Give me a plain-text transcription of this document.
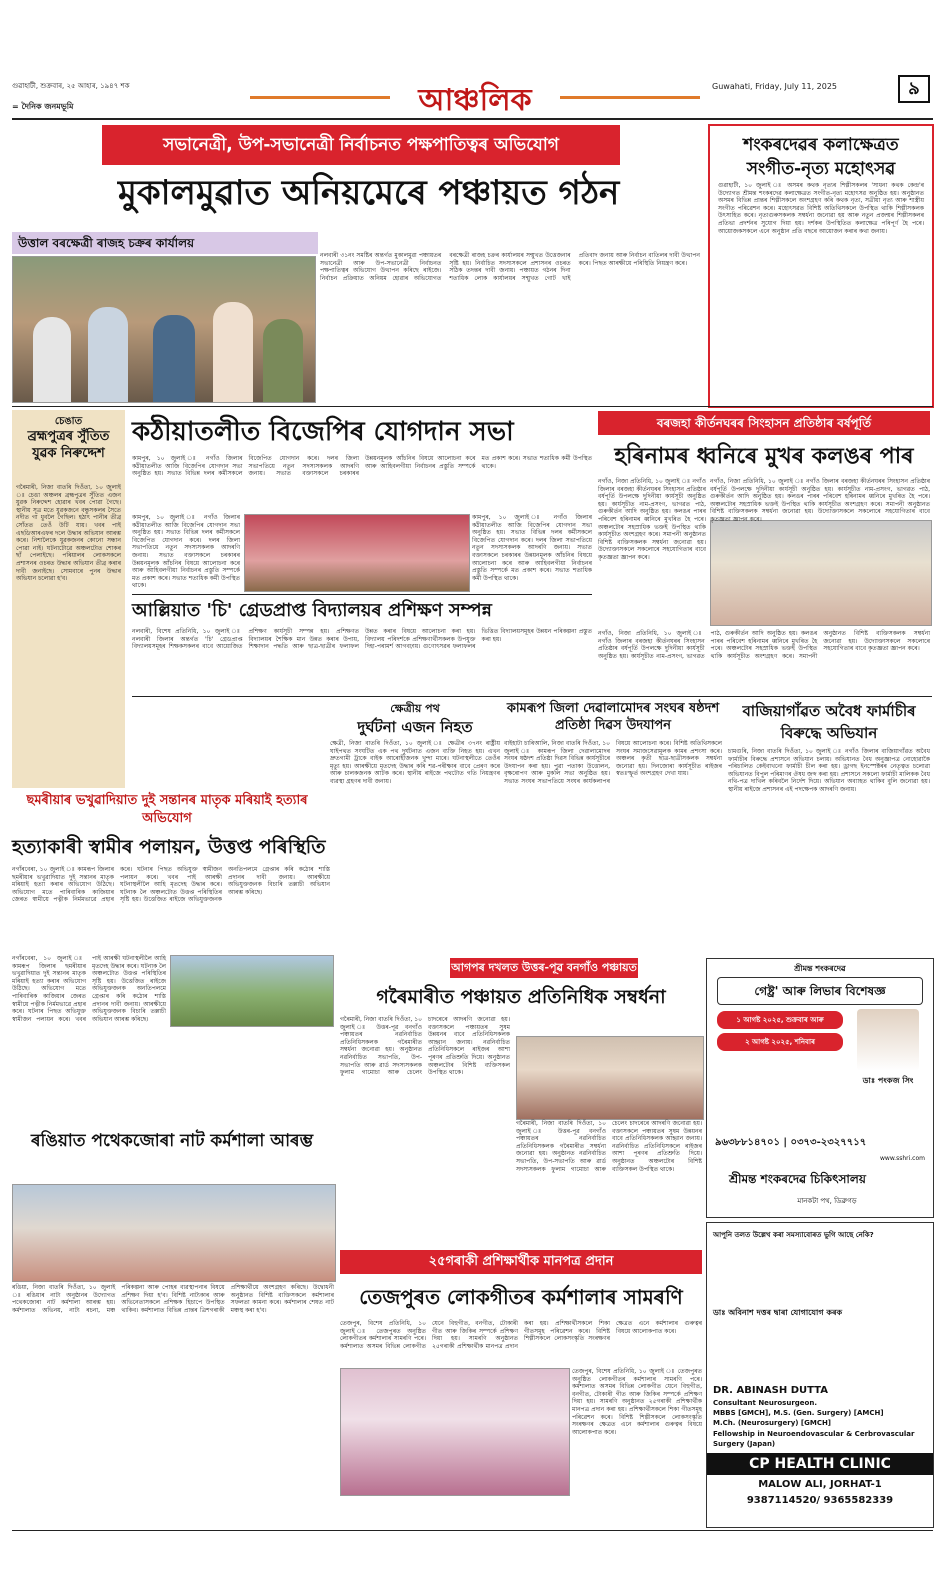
গুৱাহাটী, শুক্ৰবাৰ, ২৫ আহাৰ, ১৯৪৭ শক
= দৈনিক জনমভূমি	আঞ্চলিক	Guwahati, Friday, July 11, 2025	৯
সভানেত্ৰী, উপ-সভানেত্ৰী নিৰ্বাচনত পক্ষপাতিত্বৰ অভিযোগ
মুকালমুৱাত অনিয়মেৰে পঞ্চায়ত গঠন
উত্তাল বৰক্ষেত্ৰী ৰাজহ চক্ৰৰ কাৰ্যালয়
নলবাৰী ৩১নং সমষ্টিৰ অন্তৰ্গত মুকালমুৱা পঞ্চায়তৰ সভানেত্ৰী আৰু উপ-সভানেত্ৰী নিৰ্বাচনত পক্ষপাতিত্বৰ অভিযোগ উত্থাপন কৰিছে ৰাইজে। নিৰ্বাচন প্ৰক্ৰিয়াত অনিয়ম হোৱাৰ অভিযোগত বৰক্ষেত্ৰী ৰাজহ চক্ৰৰ কাৰ্যালয়ৰ সন্মুখত উত্তেজনাৰ সৃষ্টি হয়। নিৰ্বাচিত সদস্যসকলে প্ৰশাসনৰ ওচৰত সঠিক তদন্তৰ দাবী জনায়। পঞ্চায়ত গঠনৰ দিনা শতাধিক লোক কাৰ্যালয়ৰ সন্মুখত গোট খাই প্ৰতিবাদ জনায় আৰু নিৰ্বাচন বাতিলৰ দাবী উত্থাপন কৰে। পিছত আৰক্ষীয়ে পৰিস্থিতি নিয়ন্ত্ৰণ কৰে।
শংকৰদেৱৰ কলাক্ষেত্ৰত
সংগীত-নৃত্য মহোৎসৱ
গুৱাহাটী, ১০ জুলাই ঃ অসমৰ কথক নৃত্যৰ শিল্পীসকলৰ 'সাধনা কথক কেন্দ্ৰ'ৰ উদ্যোগত শ্ৰীমন্ত শংকৰদেৱ কলাক্ষেত্ৰত সংগীত-নৃত্য মহোৎসৱ অনুষ্ঠিত হয়। অনুষ্ঠানত অসমৰ বিভিন্ন প্ৰান্তৰ শিল্পীসকলে অংশগ্ৰহণ কৰি কথক নৃত্য, সত্ৰীয়া নৃত্য আৰু শাস্ত্ৰীয় সংগীত পৰিৱেশন কৰে। মহোৎসৱত বিশিষ্ট অতিথিসকলে উপস্থিত থাকি শিল্পীসকলক উৎসাহিত কৰে। নৃত্যগুৰুসকলক সম্বৰ্ধনা জনোৱা হয় আৰু নতুন প্ৰজন্মৰ শিল্পীসকলৰ প্ৰতিভা প্ৰদৰ্শনৰ সুযোগ দিয়া হয়। দৰ্শকৰ উপস্থিতিত কলাক্ষেত্ৰ পৰিপূৰ্ণ হৈ পৰে। আয়োজকসকলে এনে অনুষ্ঠান প্ৰতি বছৰে আয়োজন কৰাৰ কথা জনায়।
চেঙাত
ব্ৰহ্মপুত্ৰৰ সুঁতিত যুৱক নিৰুদ্দেশ
গৰৈমাৰী, নিজা বাতৰি দিওঁতা, ১০ জুলাই ঃ চেঙা অঞ্চলৰ ব্ৰহ্মপুত্ৰৰ সুঁতিত এজন যুৱক নিৰুদ্দেশ হোৱাৰ খবৰ পোৱা গৈছে। স্থানীয় সূত্ৰ মতে যুৱকজনে বন্ধুসকলৰ সৈতে নদীত গা ধুবলৈ গৈছিল। হঠাৎ পানীৰ তীব্ৰ সোঁতত তেওঁ উটি যায়। খবৰ পাই এছডিআৰএফৰ দলে উদ্ধাৰ অভিযান আৰম্ভ কৰে। নিশালৈকে যুৱকজনৰ কোনো সন্ধান পোৱা নাই। ঘটনাটোৱে অঞ্চলটোত শোকৰ ছাঁ পেলাইছে। পৰিয়ালৰ লোকসকলে প্ৰশাসনৰ ওচৰত উদ্ধাৰ অভিযান তীব্ৰ কৰাৰ দাবী জনাইছে। সোমবাৰে পুনৰ উদ্ধাৰ অভিযান চলোৱা হ'ব।
কঠীয়াতলীত বিজেপিৰ যোগদান সভা
কামপুৰ, ১০ জুলাই ঃ নগাঁও জিলাৰ কঠীয়াতলীত আজি বিজেপিৰ যোগদান সভা অনুষ্ঠিত হয়। সভাত বিভিন্ন দলৰ কৰ্মীসকলে বিজেপিত যোগদান কৰে। দলৰ জিলা সভাপতিয়ে নতুন সদস্যসকলক আদৰণি জনায়। সভাত বক্তাসকলে চৰকাৰৰ উন্নয়নমূলক আঁচনিৰ বিষয়ে আলোচনা কৰে আৰু আহিবলগীয়া নিৰ্বাচনৰ প্ৰস্তুতি সম্পৰ্কে মত প্ৰকাশ কৰে। সভাত শতাধিক কৰ্মী উপস্থিত থাকে।
কামপুৰ, ১০ জুলাই ঃ নগাঁও জিলাৰ কঠীয়াতলীত আজি বিজেপিৰ যোগদান সভা অনুষ্ঠিত হয়। সভাত বিভিন্ন দলৰ কৰ্মীসকলে বিজেপিত যোগদান কৰে। দলৰ জিলা সভাপতিয়ে নতুন সদস্যসকলক আদৰণি জনায়। সভাত বক্তাসকলে চৰকাৰৰ উন্নয়নমূলক আঁচনিৰ বিষয়ে আলোচনা কৰে আৰু আহিবলগীয়া নিৰ্বাচনৰ প্ৰস্তুতি সম্পৰ্কে মত প্ৰকাশ কৰে। সভাত শতাধিক কৰ্মী উপস্থিত থাকে।
কামপুৰ, ১০ জুলাই ঃ নগাঁও জিলাৰ কঠীয়াতলীত আজি বিজেপিৰ যোগদান সভা অনুষ্ঠিত হয়। সভাত বিভিন্ন দলৰ কৰ্মীসকলে বিজেপিত যোগদান কৰে। দলৰ জিলা সভাপতিয়ে নতুন সদস্যসকলক আদৰণি জনায়। সভাত বক্তাসকলে চৰকাৰৰ উন্নয়নমূলক আঁচনিৰ বিষয়ে আলোচনা কৰে আৰু আহিবলগীয়া নিৰ্বাচনৰ প্ৰস্তুতি সম্পৰ্কে মত প্ৰকাশ কৰে। সভাত শতাধিক কৰ্মী উপস্থিত থাকে।
আল্লিয়াত 'চি' গ্ৰেডপ্ৰাপ্ত বিদ্যালয়ৰ প্ৰশিক্ষণ সম্পন্ন
নলবাৰী, বিশেষ প্ৰতিনিধি, ১০ জুলাই ঃ নলবাৰী জিলাৰ অন্তৰ্গত 'চি' গ্ৰেডপ্ৰাপ্ত বিদ্যালয়সমূহৰ শিক্ষকসকলৰ বাবে আয়োজিত প্ৰশিক্ষণ কাৰ্যসূচী সম্পন্ন হয়। প্ৰশিক্ষণত বিদ্যালয়ৰ শৈক্ষিক মান উন্নত কৰাৰ উপায়, শিক্ষাদান পদ্ধতি আৰু ছাত্ৰ-ছাত্ৰীৰ ফলাফল উন্নত কৰাৰ বিষয়ে আলোচনা কৰা হয়। বিদ্যালয় পৰিদৰ্শকে প্ৰশিক্ষণাৰ্থীসকলক উপযুক্ত দিহা-পৰামৰ্শ আগবঢ়ায়। গুণোৎসৱৰ ফলাফলৰ ভিত্তিত বিদ্যালয়সমূহৰ উন্নয়ন পৰিকল্পনা প্ৰস্তুত কৰা হয়।
বৰজহা কীৰ্তনঘৰৰ সিংহাসন প্ৰতিষ্ঠাৰ বৰ্ষপূৰ্তি
হৰিনামৰ ধ্বনিৰে মুখৰ কলঙৰ পাৰ
নগাঁও, নিজা প্ৰতিনিধি, ১০ জুলাই ঃ নগাঁও জিলাৰ বৰজহা কীৰ্তনঘৰৰ সিংহাসন প্ৰতিষ্ঠাৰ বৰ্ষপূৰ্তি উপলক্ষে দুদিনীয়া কাৰ্যসূচী অনুষ্ঠিত হয়। কাৰ্যসূচীত নাম-প্ৰসংগ, ভাগৱত পাঠ, গুৰুকীৰ্তন আদি অনুষ্ঠিত হয়। কলঙৰ পাৰৰ পৰিবেশ হৰিনামৰ ধ্বনিৰে মুখৰিত হৈ পৰে। অঞ্চলটোৰ সহস্ৰাধিক ভক্তই উপস্থিত থাকি কাৰ্যসূচীত অংশগ্ৰহণ কৰে। সমাপনী অনুষ্ঠানত বিশিষ্ট ব্যক্তিসকলক সম্বৰ্ধনা জনোৱা হয়। উদ্যোক্তাসকলে সকলোৰে সহযোগিতাৰ বাবে কৃতজ্ঞতা জ্ঞাপন কৰে।
নগাঁও, নিজা প্ৰতিনিধি, ১০ জুলাই ঃ নগাঁও জিলাৰ বৰজহা কীৰ্তনঘৰৰ সিংহাসন প্ৰতিষ্ঠাৰ বৰ্ষপূৰ্তি উপলক্ষে দুদিনীয়া কাৰ্যসূচী অনুষ্ঠিত হয়। কাৰ্যসূচীত নাম-প্ৰসংগ, ভাগৱত পাঠ, গুৰুকীৰ্তন আদি অনুষ্ঠিত হয়। কলঙৰ পাৰৰ পৰিবেশ হৰিনামৰ ধ্বনিৰে মুখৰিত হৈ পৰে। অঞ্চলটোৰ সহস্ৰাধিক ভক্তই উপস্থিত থাকি কাৰ্যসূচীত অংশগ্ৰহণ কৰে। সমাপনী অনুষ্ঠানত বিশিষ্ট ব্যক্তিসকলক সম্বৰ্ধনা জনোৱা হয়। উদ্যোক্তাসকলে সকলোৰে সহযোগিতাৰ বাবে কৃতজ্ঞতা জ্ঞাপন কৰে।
নগাঁও, নিজা প্ৰতিনিধি, ১০ জুলাই ঃ নগাঁও জিলাৰ বৰজহা কীৰ্তনঘৰৰ সিংহাসন প্ৰতিষ্ঠাৰ বৰ্ষপূৰ্তি উপলক্ষে দুদিনীয়া কাৰ্যসূচী অনুষ্ঠিত হয়। কাৰ্যসূচীত নাম-প্ৰসংগ, ভাগৱত পাঠ, গুৰুকীৰ্তন আদি অনুষ্ঠিত হয়। কলঙৰ পাৰৰ পৰিবেশ হৰিনামৰ ধ্বনিৰে মুখৰিত হৈ পৰে। অঞ্চলটোৰ সহস্ৰাধিক ভক্তই উপস্থিত থাকি কাৰ্যসূচীত অংশগ্ৰহণ কৰে। সমাপনী অনুষ্ঠানত বিশিষ্ট ব্যক্তিসকলক সম্বৰ্ধনা জনোৱা হয়। উদ্যোক্তাসকলে সকলোৰে সহযোগিতাৰ বাবে কৃতজ্ঞতা জ্ঞাপন কৰে।
ক্ষেত্ৰীয় পথ
দুৰ্ঘটনা এজন নিহত
ক্ষেত্ৰী, নিজা বাতৰি দিওঁতা, ১০ জুলাই ঃ ক্ষেত্ৰীৰ ৩৭নং ৰাষ্ট্ৰীয় ঘাইপথত সংঘটিত এক পথ দুৰ্ঘটনাত এজন ব্যক্তি নিহত হয়। এখন দ্ৰুতগামী ট্ৰাকে বাইক আৰোহীজনক খুন্দা মাৰে। ঘটনাস্থলীতে তেওঁৰ মৃত্যু হয়। আৰক্ষীয়ে মৃতদেহ উদ্ধাৰ কৰি শৱ-পৰীক্ষাৰ বাবে প্ৰেৰণ কৰে আৰু চালকজনক আটক কৰে। স্থানীয় ৰাইজে পথটোত গতি নিয়ন্ত্ৰণৰ ব্যৱস্থা গ্ৰহণৰ দাবী জনায়।
ছমৰীয়াৰ ভখুৱাদিয়াত দুই সন্তানৰ মাতৃক মৰিয়াই হত্যাৰ অভিযোগ
হত্যাকাৰী স্বামীৰ পলায়ন, উত্তপ্ত পৰিস্থিতি
নগাঁৰবেৰা, ১০ জুলাই ঃ কামৰূপ জিলাৰ ছমৰীয়াৰ ভখুৱাদিয়াত দুই সন্তানৰ মাতৃক মৰিয়াই হত্যা কৰাৰ অভিযোগ উঠিছে। অভিযোগ মতে পাৰিবাৰিক কাজিয়াৰ জেৰত স্বামীয়ে পত্নীক নিৰ্মমভাৱে প্ৰহাৰ কৰে। ঘটনাৰ পিছত অভিযুক্ত স্বামীজন পলায়ন কৰে। খবৰ পাই আৰক্ষী ঘটনাস্থলীলৈ আহি মৃতদেহ উদ্ধাৰ কৰে। ঘটনাক লৈ অঞ্চলটোত উত্তপ্ত পৰিস্থিতিৰ সৃষ্টি হয়। উত্তেজিত ৰাইজে অভিযুক্তজনক অনতিপলমে গ্ৰেপ্তাৰ কৰি কঠোৰ শাস্তি প্ৰদানৰ দাবী জনায়। আৰক্ষীয়ে অভিযুক্তজনক বিচাৰি তল্লাচী অভিযান আৰম্ভ কৰিছে।
নগাঁৰবেৰা, ১০ জুলাই ঃ কামৰূপ জিলাৰ ছমৰীয়াৰ ভখুৱাদিয়াত দুই সন্তানৰ মাতৃক মৰিয়াই হত্যা কৰাৰ অভিযোগ উঠিছে। অভিযোগ মতে পাৰিবাৰিক কাজিয়াৰ জেৰত স্বামীয়ে পত্নীক নিৰ্মমভাৱে প্ৰহাৰ কৰে। ঘটনাৰ পিছত অভিযুক্ত স্বামীজন পলায়ন কৰে। খবৰ পাই আৰক্ষী ঘটনাস্থলীলৈ আহি মৃতদেহ উদ্ধাৰ কৰে। ঘটনাক লৈ অঞ্চলটোত উত্তপ্ত পৰিস্থিতিৰ সৃষ্টি হয়। উত্তেজিত ৰাইজে অভিযুক্তজনক অনতিপলমে গ্ৰেপ্তাৰ কৰি কঠোৰ শাস্তি প্ৰদানৰ দাবী জনায়। আৰক্ষীয়ে অভিযুক্তজনক বিচাৰি তল্লাচী অভিযান আৰম্ভ কৰিছে।
কামৰূপ জিলা দেৱালামোদৰ সংঘৰ ষষ্ঠদশ প্ৰতিষ্ঠা দিৱস উদযাপন
বাইহাটা চাৰিআলি, নিজা বাতৰি দিওঁতা, ১০ জুলাই ঃ কামৰূপ জিলা দেৱালামোদৰ সংঘৰ ষষ্ঠদশ প্ৰতিষ্ঠা দিৱস বিভিন্ন কাৰ্যসূচীৰে উদযাপন কৰা হয়। পুৱা পতাকা উত্তোলন, বৃক্ষৰোপণ আৰু মুকলি সভা অনুষ্ঠিত হয়। সভাত সংঘৰ সভাপতিয়ে সংঘৰ কাৰ্যকলাপৰ বিষয়ে আলোচনা কৰে। বিশিষ্ট অতিথিসকলে সংঘৰ সমাজসেৱামূলক কামৰ প্ৰশংসা কৰে। অঞ্চলৰ কৃতী ছাত্ৰ-ছাত্ৰীসকলক সম্বৰ্ধনা জনোৱা হয়। দিনজোৰা কাৰ্যসূচীত ৰাইজৰ স্বতঃস্ফূৰ্ত অংশগ্ৰহণ দেখা যায়।
বাজিয়াগাঁৱত অবৈধ ফাৰ্মাচীৰ বিৰুদ্ধে অভিযান
চামগুৰি, নিজা বাতৰি দিওঁতা, ১০ জুলাই ঃ নগাঁও জিলাৰ বাজিয়াগাঁৱত অবৈধ ফাৰ্মাচীৰ বিৰুদ্ধে প্ৰশাসনে অভিযান চলায়। অভিযানত বৈধ অনুজ্ঞাপত্ৰ নোহোৱাকৈ পৰিচালিত কেইবাখনো ফাৰ্মাচী চীল কৰা হয়। ড্ৰাগছ ইনস্পেক্টৰৰ নেতৃত্বত চলোৱা অভিযানত বিপুল পৰিমাণৰ ঔষধ জব্দ কৰা হয়। প্ৰশাসনে সকলো ফাৰ্মাচী মালিকক বৈধ নথি-পত্ৰ দাখিল কৰিবলৈ নিৰ্দেশ দিয়ে। অভিযান অব্যাহত থাকিব বুলি জনোৱা হয়। স্থানীয় ৰাইজে প্ৰশাসনৰ এই পদক্ষেপক আদৰণি জনায়।
আগপৰ দখলত উত্তৰ-পূৱ বনগাঁও পঞ্চায়ত
গৰৈমাৰীত পঞ্চায়ত প্ৰতিনিধিক সম্বৰ্ধনা
গৰৈমাৰী, নিজা বাতৰি দিওঁতা, ১০ জুলাই ঃ উত্তৰ-পূৱ বনগাঁও পঞ্চায়তৰ নৱনিৰ্বাচিত প্ৰতিনিধিসকলক গৰৈমাৰীত সম্বৰ্ধনা জনোৱা হয়। অনুষ্ঠানত নৱনিৰ্বাচিত সভাপতি, উপ-সভাপতি আৰু ৱাৰ্ড সদস্যসকলক ফুলাম গামোচা আৰু চেলেং চাদৰেৰে আদৰণি জনোৱা হয়। বক্তাসকলে পঞ্চায়তৰ সুষম উন্নয়নৰ বাবে প্ৰতিনিধিসকলক আহ্বান জনায়। নৱনিৰ্বাচিত প্ৰতিনিধিসকলে ৰাইজৰ আশা পূৰণৰ প্ৰতিশ্ৰুতি দিয়ে। অনুষ্ঠানত অঞ্চলটোৰ বিশিষ্ট ব্যক্তিসকল উপস্থিত থাকে।
গৰৈমাৰী, নিজা বাতৰি দিওঁতা, ১০ জুলাই ঃ উত্তৰ-পূৱ বনগাঁও পঞ্চায়তৰ নৱনিৰ্বাচিত প্ৰতিনিধিসকলক গৰৈমাৰীত সম্বৰ্ধনা জনোৱা হয়। অনুষ্ঠানত নৱনিৰ্বাচিত সভাপতি, উপ-সভাপতি আৰু ৱাৰ্ড সদস্যসকলক ফুলাম গামোচা আৰু চেলেং চাদৰেৰে আদৰণি জনোৱা হয়। বক্তাসকলে পঞ্চায়তৰ সুষম উন্নয়নৰ বাবে প্ৰতিনিধিসকলক আহ্বান জনায়। নৱনিৰ্বাচিত প্ৰতিনিধিসকলে ৰাইজৰ আশা পূৰণৰ প্ৰতিশ্ৰুতি দিয়ে। অনুষ্ঠানত অঞ্চলটোৰ বিশিষ্ট ব্যক্তিসকল উপস্থিত থাকে।
ৰঙিয়াত পথেকজোৰা নাট কৰ্মশালা আৰম্ভ
ৰঙিয়া, নিজা বাতৰি দিওঁতা, ১০ জুলাই ঃ ৰঙিয়াৰ নাট্য অনুষ্ঠানৰ উদ্যোগত পথেকজোৰা নাট কৰ্মশালা আৰম্ভ হয়। কৰ্মশালাত অভিনয়, নাট্য ৰচনা, মঞ্চ পৰিকল্পনা আৰু পোহৰ ব্যৱস্থাপনাৰ বিষয়ে প্ৰশিক্ষণ দিয়া হ'ব। বিশিষ্ট নাট্যকাৰ আৰু অভিনেতাসকলে প্ৰশিক্ষক হিচাপে উপস্থিত থাকিব। কৰ্মশালাত বিভিন্ন প্ৰান্তৰ ত্ৰিশগৰাকী প্ৰশিক্ষাৰ্থীয়ে অংশগ্ৰহণ কৰিছে। উদ্বোধনী অনুষ্ঠানত বিশিষ্ট ব্যক্তিসকলে কৰ্মশালাৰ সফলতা কামনা কৰে। কৰ্মশালাৰ শেষত নাট মঞ্চস্থ কৰা হ'ব।
২৫গৰাকী প্ৰশিক্ষাৰ্থীক মানপত্ৰ প্ৰদান
তেজপুৰত লোকগীতৰ কৰ্মশালাৰ সামৰণি
তেজপুৰ, বিশেষ প্ৰতিনিধি, ১০ জুলাই ঃ তেজপুৰত অনুষ্ঠিত লোকগীতৰ কৰ্মশালাৰ সামৰণি পৰে। কৰ্মশালাত অসমৰ বিভিন্ন লোকগীত যেনে বিহুগীত, বনগীত, টোকাৰী গীত আৰু জিকিৰ সম্পৰ্কে প্ৰশিক্ষণ দিয়া হয়। সামৰণি অনুষ্ঠানত ২৫গৰাকী প্ৰশিক্ষাৰ্থীক মানপত্ৰ প্ৰদান কৰা হয়। প্ৰশিক্ষাৰ্থীসকলে শিকা গীতসমূহ পৰিৱেশন কৰে। বিশিষ্ট শিল্পীসকলে লোকসংস্কৃতি সংৰক্ষণৰ ক্ষেত্ৰত এনে কৰ্মশালাৰ গুৰুত্বৰ বিষয়ে আলোকপাত কৰে।
তেজপুৰ, বিশেষ প্ৰতিনিধি, ১০ জুলাই ঃ তেজপুৰত অনুষ্ঠিত লোকগীতৰ কৰ্মশালাৰ সামৰণি পৰে। কৰ্মশালাত অসমৰ বিভিন্ন লোকগীত যেনে বিহুগীত, বনগীত, টোকাৰী গীত আৰু জিকিৰ সম্পৰ্কে প্ৰশিক্ষণ দিয়া হয়। সামৰণি অনুষ্ঠানত ২৫গৰাকী প্ৰশিক্ষাৰ্থীক মানপত্ৰ প্ৰদান কৰা হয়। প্ৰশিক্ষাৰ্থীসকলে শিকা গীতসমূহ পৰিৱেশন কৰে। বিশিষ্ট শিল্পীসকলে লোকসংস্কৃতি সংৰক্ষণৰ ক্ষেত্ৰত এনে কৰ্মশালাৰ গুৰুত্বৰ বিষয়ে আলোকপাত কৰে।
শ্ৰীমন্ত শংকৰদেৱ
গেষ্ট্ৰ' আৰু লিভাৰ বিশেষজ্ঞ
১ আগষ্ট ২০২৫, শুক্ৰবাৰ আৰু
২ আগষ্ট ২০২৫, শনিবাৰ
ডাঃ পংকজ সিং
৯৬৩৮৮১৪৭০১ | ০৩৭৩-২৩২৭৭১৭
www.sshri.com
শ্ৰীমন্ত শংকৰদেৱ চিকিৎসালয়
মানকটা পথ, ডিব্ৰুগড়
আপুনি তলত উল্লেখ কৰা সমস্যাবোৰত ভুগি আছে নেকি?
ডাঃ অবিনাশ দত্তৰ দ্বাৰা যোগাযোগ কৰক
DR. ABINASH DUTTA
Consultant Neurosurgeon.
MBBS [GMCH], M.S. (Gen. Surgery) [AMCH]
M.Ch. (Neurosurgery) [GMCH]
Fellowship in Neuroendovascular & Cerbrovascular Surgery (Japan)
CP HEALTH CLINIC
MALOW ALI, JORHAT-1
9387114520/ 9365582339
